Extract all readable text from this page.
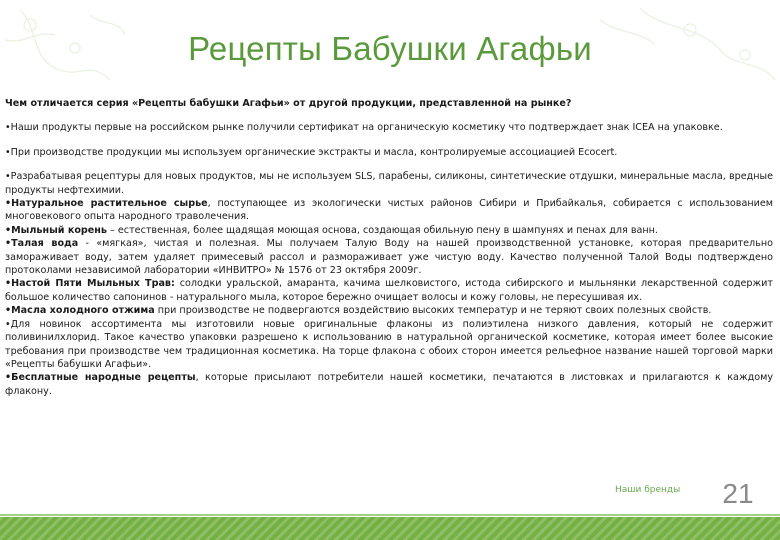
Рецепты Бабушки Агафьи

Чем отличается серия «Рецепты бабушки Агафьи» от другой продукции, представленной на рынке?

•Наши продукты первые на российском рынке получили сертификат на органическую косметику что подтверждает знак ICEA на упаковке.

•При производстве продукции мы используем органические экстракты и масла, контролируемые ассоциацией Ecocert.

•Разрабатывая рецептуры для новых продуктов, мы не используем SLS, парабены, силиконы, синтетические отдушки, минеральные масла, вредные продукты нефтехимии.

•Натуральное растительное сырье, поступающее из экологически чистых районов Сибири и Прибайкалья, собирается с использованием многовекового опыта народного траволечения.

•Мыльный корень – естественная, более щадящая моющая основа, создающая обильную пену в шампунях и пенах для ванн.

•Талая вода - «мягкая», чистая и полезная. Мы получаем Талую Воду на нашей производственной установке, которая предварительно замораживает воду, затем удаляет примесевый рассол и размораживает уже чистую воду. Качество полученной Талой Воды подтверждено протоколами независимой лаборатории «ИНВИТРО» № 1576 от 23 октября 2009г.

•Настой Пяти Мыльных Трав: солодки уральской, амаранта, качима шелковистого, истода сибирского и мыльнянки лекарственной содержит большое количество сапонинов - натурального мыла, которое бережно очищает волосы и кожу головы, не пересушивая их.

•Масла холодного отжима при производстве не подвергаются воздействию высоких температур и не теряют своих полезных свойств.

•Для новинок ассортимента мы изготовили новые оригинальные флаконы из полиэтилена низкого давления, который не содержит поливинилхлорид. Такое качество упаковки разрешено к использованию в натуральной органической косметике, которая имеет более высокие требования при производстве чем традиционная косметика. На торце флакона с обоих сторон имеется рельефное название нашей торговой марки «Рецепты бабушки Агафьи».

•Бесплатные народные рецепты, которые присылают потребители нашей косметики, печатаются в листовках и прилагаются к каждому флакону.

Наши бренды 21
